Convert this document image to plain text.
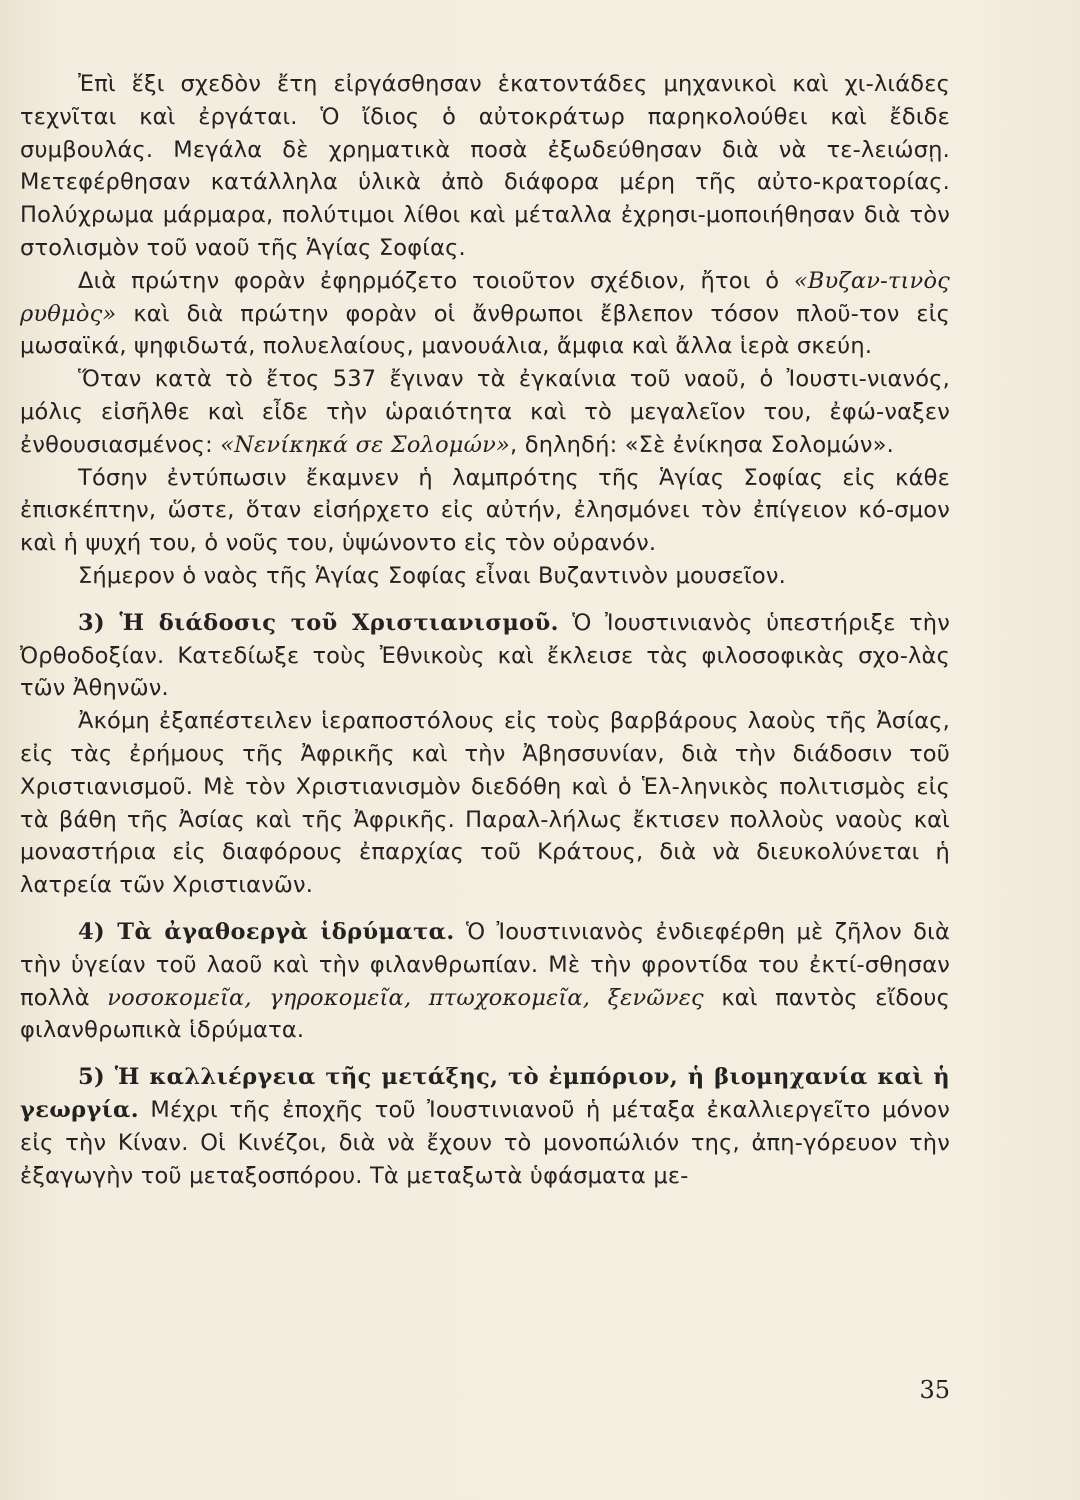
Ἐπὶ ἕξι σχεδὸν ἔτη εἰργάσθησαν ἑκατοντάδες μηχανικοὶ καὶ χι-λιάδες τεχνῖται καὶ ἐργάται. Ὁ ἴδιος ὁ αὐτοκράτωρ παρηκολούθει καὶ ἔδιδε συμβουλάς. Μεγάλα δὲ χρηματικὰ ποσὰ ἐξωδεύθησαν διὰ νὰ τε-λειώσῃ. Μετεφέρθησαν κατάλληλα ὑλικὰ ἀπὸ διάφορα μέρη τῆς αὐτο-κρατορίας. Πολύχρωμα μάρμαρα, πολύτιμοι λίθοι καὶ μέταλλα ἐχρησι-μοποιήθησαν διὰ τὸν στολισμὸν τοῦ ναοῦ τῆς Ἁγίας Σοφίας.

Διὰ πρώτην φορὰν ἐφηρμόζετο τοιοῦτον σχέδιον, ἤτοι ὁ «Βυζαν-τινὸς ρυθμὸς» καὶ διὰ πρώτην φορὰν οἱ ἄνθρωποι ἔβλεπον τόσον πλοῦ-τον εἰς μωσαϊκά, ψηφιδωτά, πολυελαίους, μανουάλια, ἄμφια καὶ ἄλλα ἱερὰ σκεύη.

Ὅταν κατὰ τὸ ἔτος 537 ἔγιναν τὰ ἐγκαίνια τοῦ ναοῦ, ὁ Ἰουστι-νιανός, μόλις εἰσῆλθε καὶ εἶδε τὴν ὡραιότητα καὶ τὸ μεγαλεῖον του, ἐφώ-ναξεν ἐνθουσιασμένος: «Νενίκηκά σε Σολομών», δηληδή: «Σὲ ἐνίκησα Σολομών».

Τόσην ἐντύπωσιν ἔκαμνεν ἡ λαμπρότης τῆς Ἁγίας Σοφίας εἰς κάθε ἐπισκέπτην, ὥστε, ὅταν εἰσήρχετο εἰς αὐτήν, ἐλησμόνει τὸν ἐπίγειον κό-σμον καὶ ἡ ψυχή του, ὁ νοῦς του, ὑψώνοντο εἰς τὸν οὐρανόν.

Σήμερον ὁ ναὸς τῆς Ἁγίας Σοφίας εἶναι Βυζαντινὸν μουσεῖον.

3) Ἡ διάδοσις τοῦ Χριστιανισμοῦ. Ὁ Ἰουστινιανὸς ὑπεστήριξε τὴν Ὀρθοδοξίαν. Κατεδίωξε τοὺς Ἐθνικοὺς καὶ ἔκλεισε τὰς φιλοσοφικὰς σχο-λὰς τῶν Ἀθηνῶν.

Ἀκόμη ἐξαπέστειλεν ἱεραποστόλους εἰς τοὺς βαρβάρους λαοὺς τῆς Ἀσίας, εἰς τὰς ἐρήμους τῆς Ἀφρικῆς καὶ τὴν Ἀβησσυνίαν, διὰ τὴν διάδοσιν τοῦ Χριστιανισμοῦ. Μὲ τὸν Χριστιανισμὸν διεδόθη καὶ ὁ Ἑλ-ληνικὸς πολιτισμὸς εἰς τὰ βάθη τῆς Ἀσίας καὶ τῆς Ἀφρικῆς. Παραλ-λήλως ἔκτισεν πολλοὺς ναοὺς καὶ μοναστήρια εἰς διαφόρους ἐπαρχίας τοῦ Κράτους, διὰ νὰ διευκολύνεται ἡ λατρεία τῶν Χριστιανῶν.

4) Τὰ ἀγαθοεργὰ ἱδρύματα. Ὁ Ἰουστινιανὸς ἐνδιεφέρθη μὲ ζῆλον διὰ τὴν ὑγείαν τοῦ λαοῦ καὶ τὴν φιλανθρωπίαν. Μὲ τὴν φροντίδα του ἐκτί-σθησαν πολλὰ νοσοκομεῖα, γηροκομεῖα, πτωχοκομεῖα, ξενῶνες καὶ παντὸς εἴδους φιλανθρωπικὰ ἱδρύματα.

5) Ἡ καλλιέργεια τῆς μετάξης, τὸ ἐμπόριον, ἡ βιομηχανία καὶ ἡ γεωργία. Μέχρι τῆς ἐποχῆς τοῦ Ἰουστινιανοῦ ἡ μέταξα ἐκαλλιεργεῖτο μόνον εἰς τὴν Κίναν. Οἱ Κινέζοι, διὰ νὰ ἔχουν τὸ μονοπώλιόν της, ἀπη-γόρευον τὴν ἐξαγωγὴν τοῦ μεταξοσπόρου. Τὰ μεταξωτὰ ὑφάσματα με-

35
